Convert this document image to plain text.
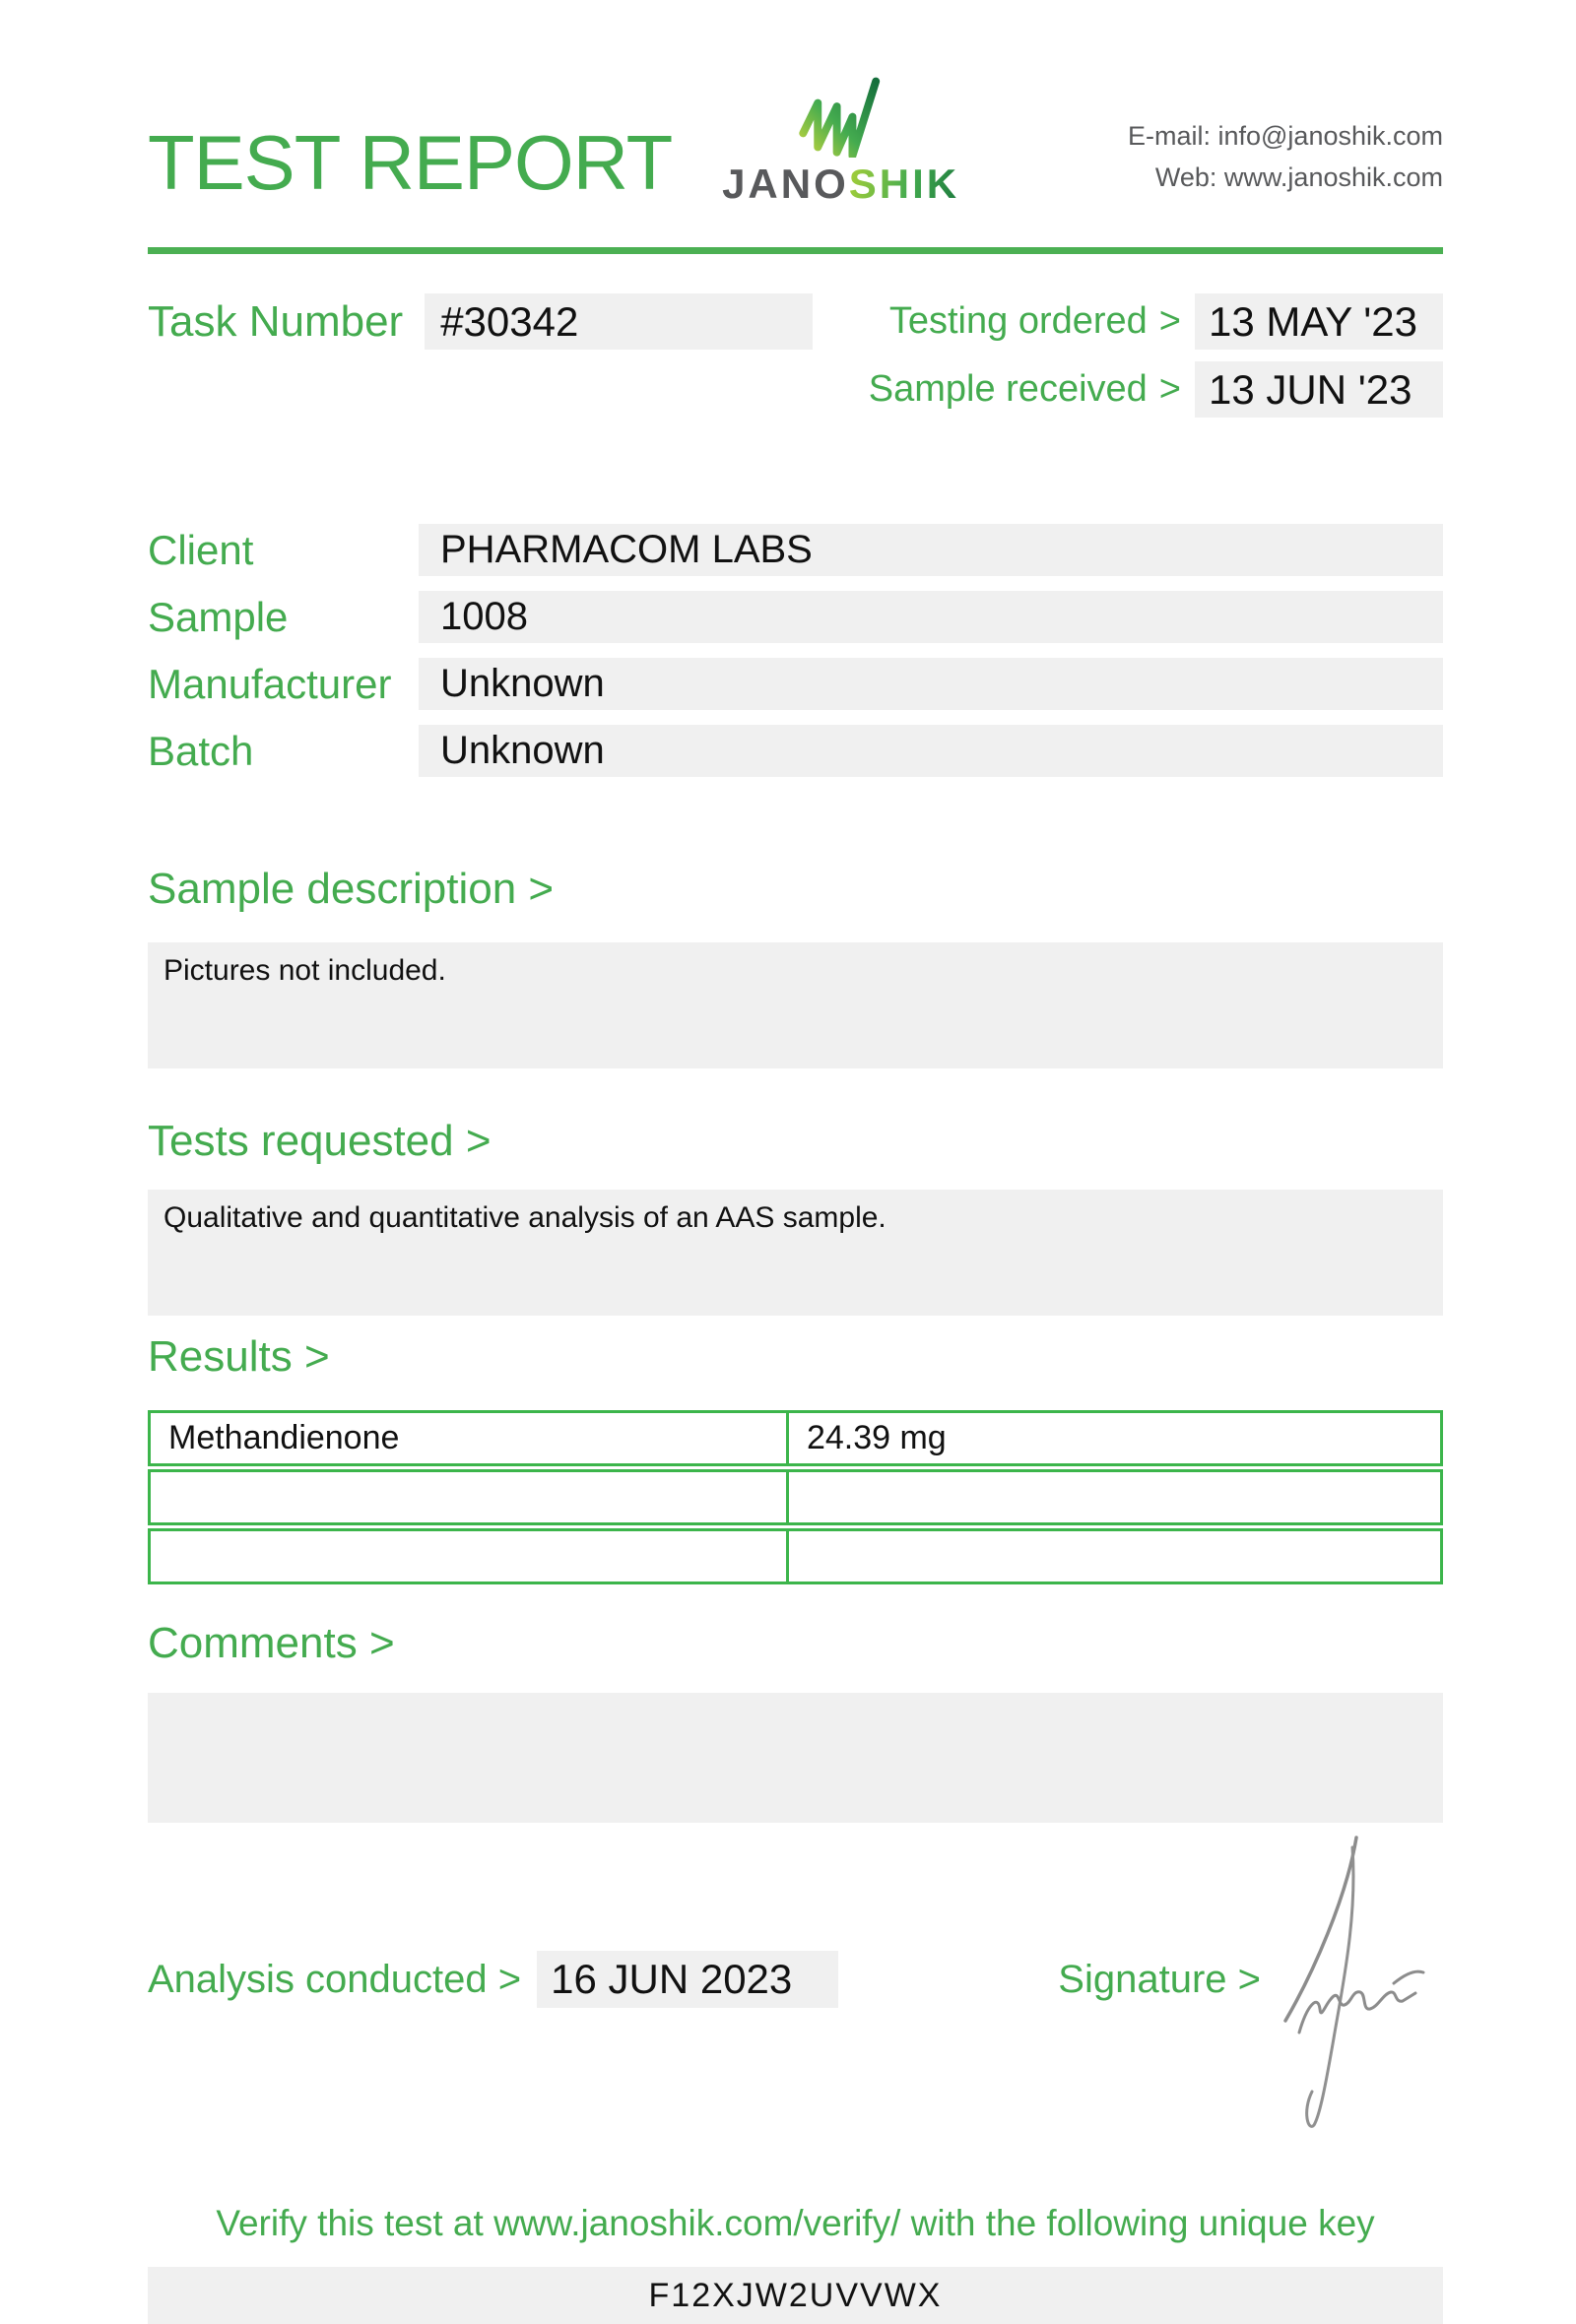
TEST REPORT JANOSHIK
E-mail: info@janoshik.com
Web: www.janoshik.com
Task Number #30342	Testing ordered > 13 MAY '23
Sample received > 13 JUN '23
Client	PHARMACOM LABS
Sample	1008
Manufacturer	Unknown
Batch	Unknown
Sample description >
Pictures not included.
Tests requested >
Qualitative and quantitative analysis of an AAS sample.
Results >
Methandienone	24.39 mg
Comments >
Analysis conducted > 16 JUN 2023	Signature >
Verify this test at www.janoshik.com/verify/ with the following unique key
F12XJW2UVVWX
